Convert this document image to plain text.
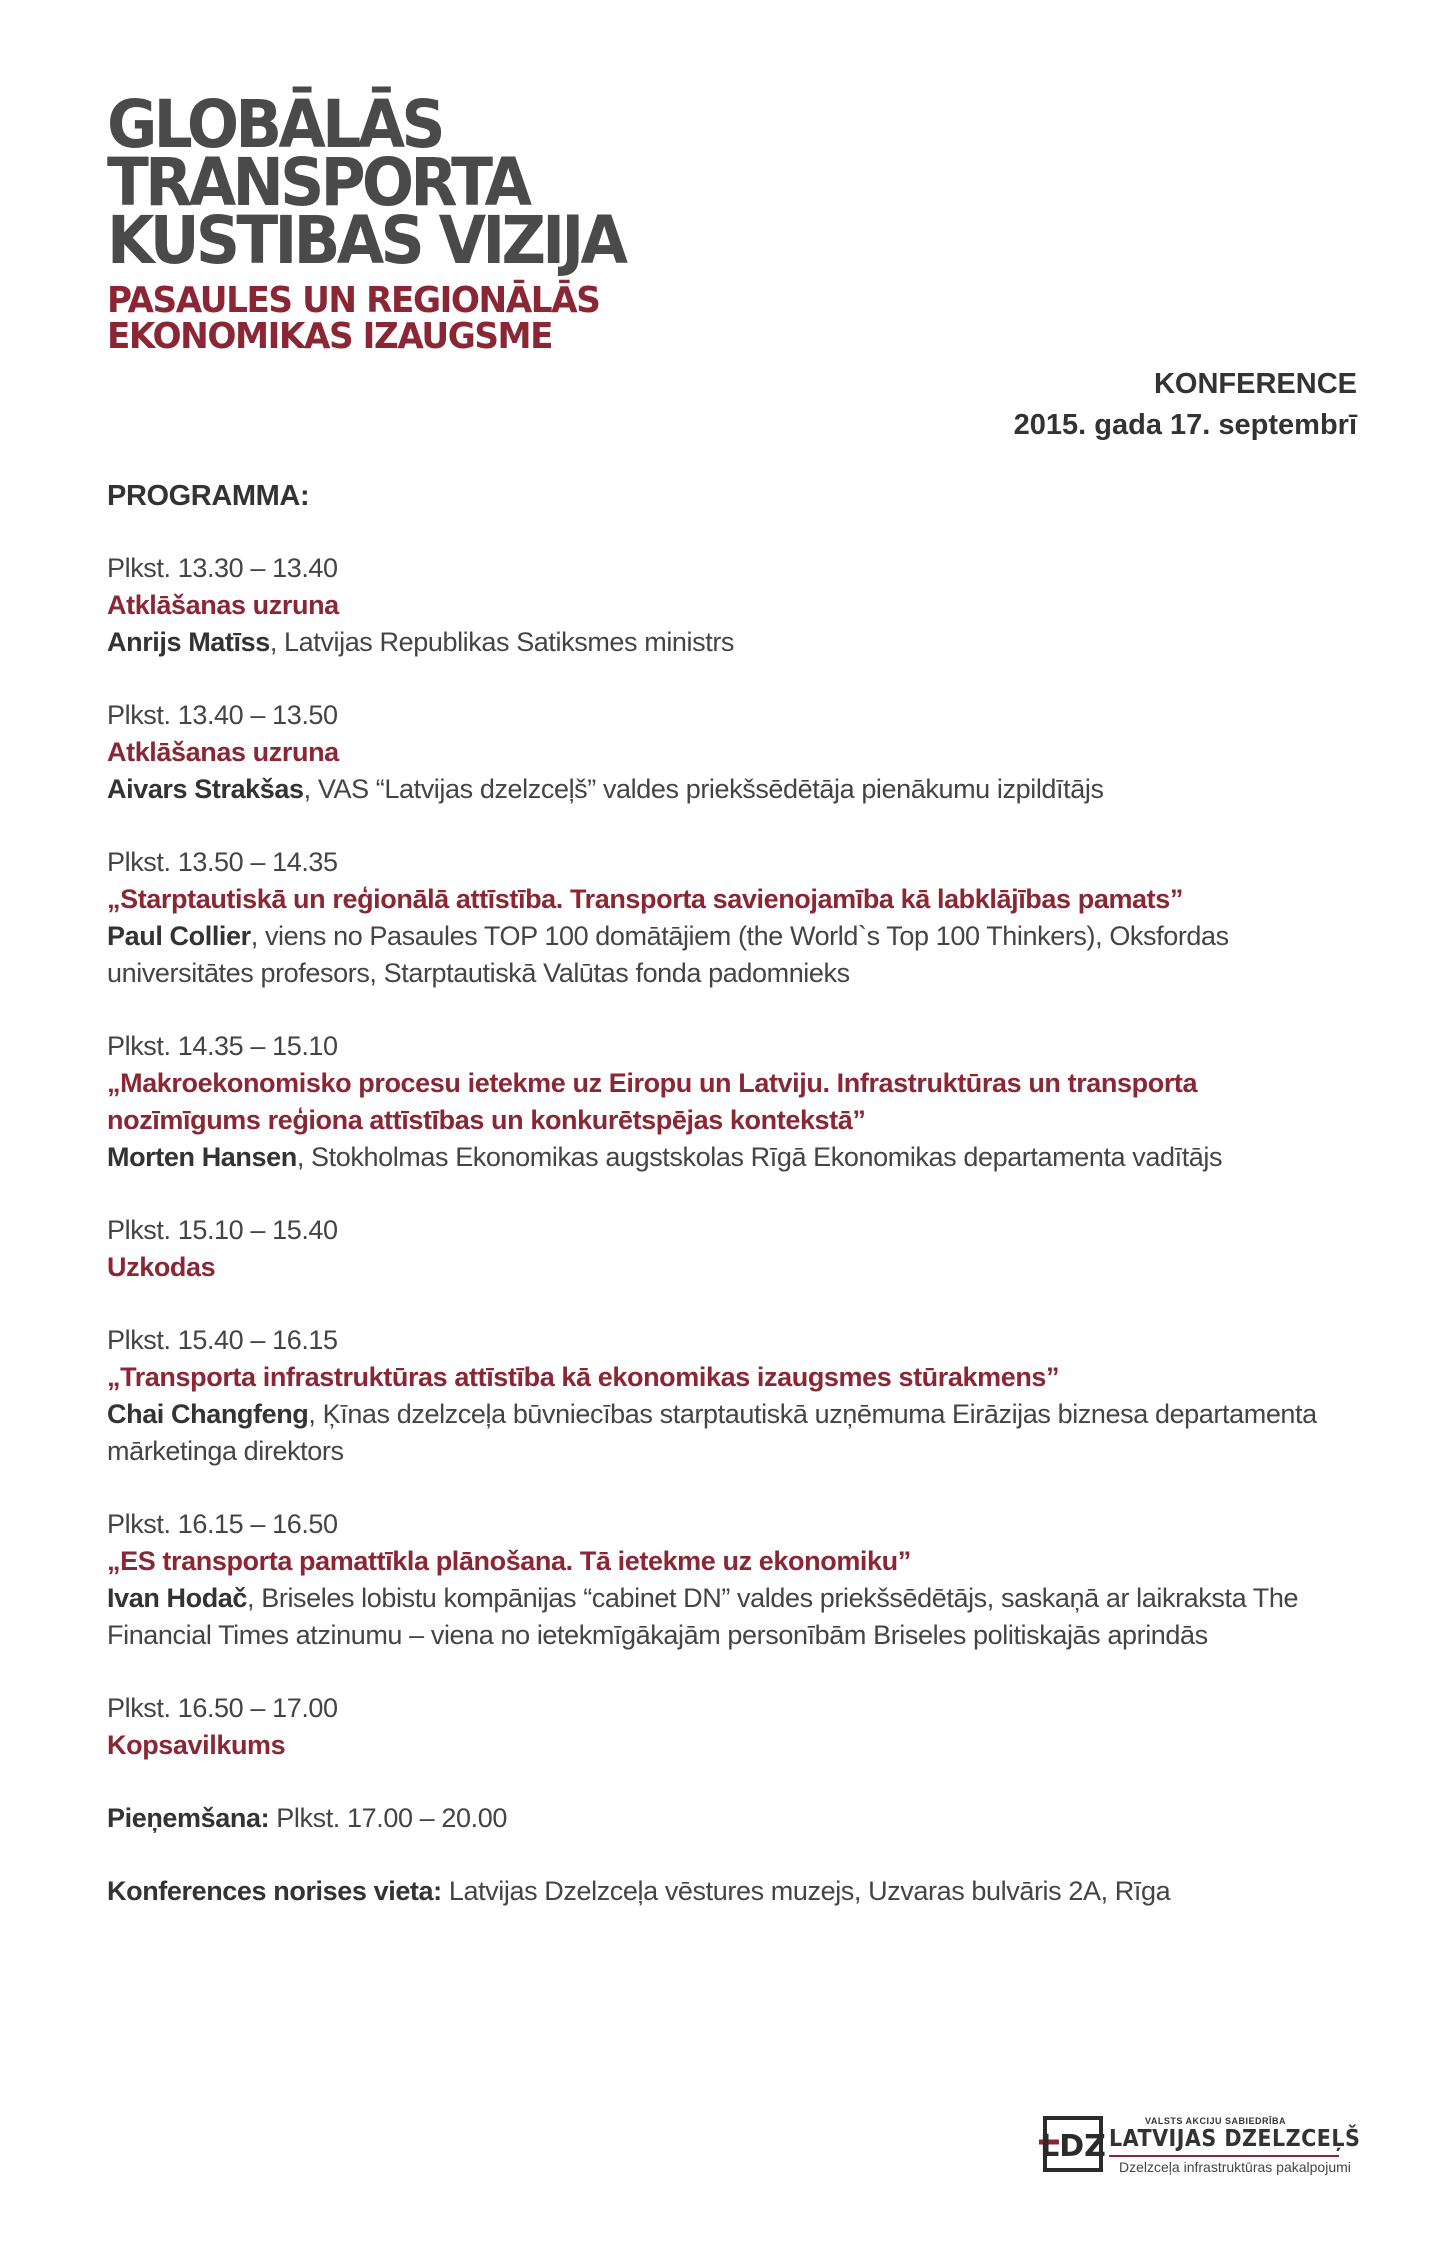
GLOBĀLĀS
TRANSPORTA
KUSTIBAS VIZIJA
PASAULES UN REGIONĀLĀS
EKONOMIKAS IZAUGSME
KONFERENCE
2015. gada 17. septembrī
PROGRAMMA:
Plkst. 13.30 – 13.40
Atklāšanas uzruna
Anrijs Matīss, Latvijas Republikas Satiksmes ministrs
Plkst. 13.40 – 13.50
Atklāšanas uzruna
Aivars Strakšas, VAS “Latvijas dzelzceļš” valdes priekšsēdētāja pienākumu izpildītājs
Plkst. 13.50 – 14.35
„Starptautiskā un reģionālā attīstība. Transporta savienojamība kā labklājības pamats”
Paul Collier, viens no Pasaules TOP 100 domātājiem (the World`s Top 100 Thinkers), Oksfordas universitātes profesors, Starptautiskā Valūtas fonda padomnieks
Plkst. 14.35 – 15.10
„Makroekonomisko procesu ietekme uz Eiropu un Latviju. Infrastruktūras un transporta nozīmīgums reģiona attīstības un konkurētspējas kontekstā”
Morten Hansen, Stokholmas Ekonomikas augstskolas Rīgā Ekonomikas departamenta vadītājs
Plkst. 15.10 – 15.40
Uzkodas
Plkst. 15.40 – 16.15
„Transporta infrastruktūras attīstība kā ekonomikas izaugsmes stūrakmens”
Chai Changfeng, Ķīnas dzelzceļa būvniecības starptautiskā uzņēmuma Eirāzijas biznesa departamenta mārketinga direktors
Plkst. 16.15 – 16.50
„ES transporta pamattīkla plānošana. Tā ietekme uz ekonomiku”
Ivan Hodač, Briseles lobistu kompānijas “cabinet DN” valdes priekšsēdētājs, saskaņā ar laikraksta The Financial Times atzinumu – viena no ietekmīgākajām personībām Briseles politiskajās aprindās
Plkst. 16.50 – 17.00
Kopsavilkums
Pieņemšana: Plkst. 17.00 – 20.00
Konferences norises vieta: Latvijas Dzelzceļa vēstures muzejs, Uzvaras bulvāris 2A, Rīga
LDZ
VALSTS AKCIJU SABIEDRĪBA
LATVIJAS DZELZCEĻŠ
Dzelzceļa infrastruktūras pakalpojumi
